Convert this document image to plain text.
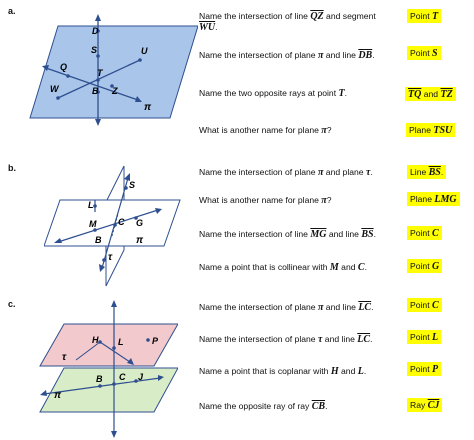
a.
D
S	U
Q
T
W	B Z
π
Name the intersection of line $\overline{QZ}$ and segment
$\overline{WU}$.
Point T
Name the intersection of plane π and line $\overline{DB}$.	Point S
Name the two opposite rays at point T.	$\overline{TQ}$ and $\overline{TZ}$
What is another name for plane π?	Plane TSU
b.
S
L
M C G
B	π
τ
Name the intersection of plane π and plane τ.	Line $\overline{BS}$.
What is another name for plane π?	Plane LMG
Name the intersection of line $\overline{MG}$ and line $\overline{BS}$.	Point C
Name a point that is collinear with M and C.	Point G
c.
H L	P
τ
B C J
π
Name the intersection of plane π and line $\overline{LC}$.	Point C
Name the intersection of plane τ and line $\overline{LC}$.	Point L
Name a point that is coplanar with H and L.	Point P
Name the opposite ray of ray $\overline{CB}$.	Ray $\overline{CJ}$
